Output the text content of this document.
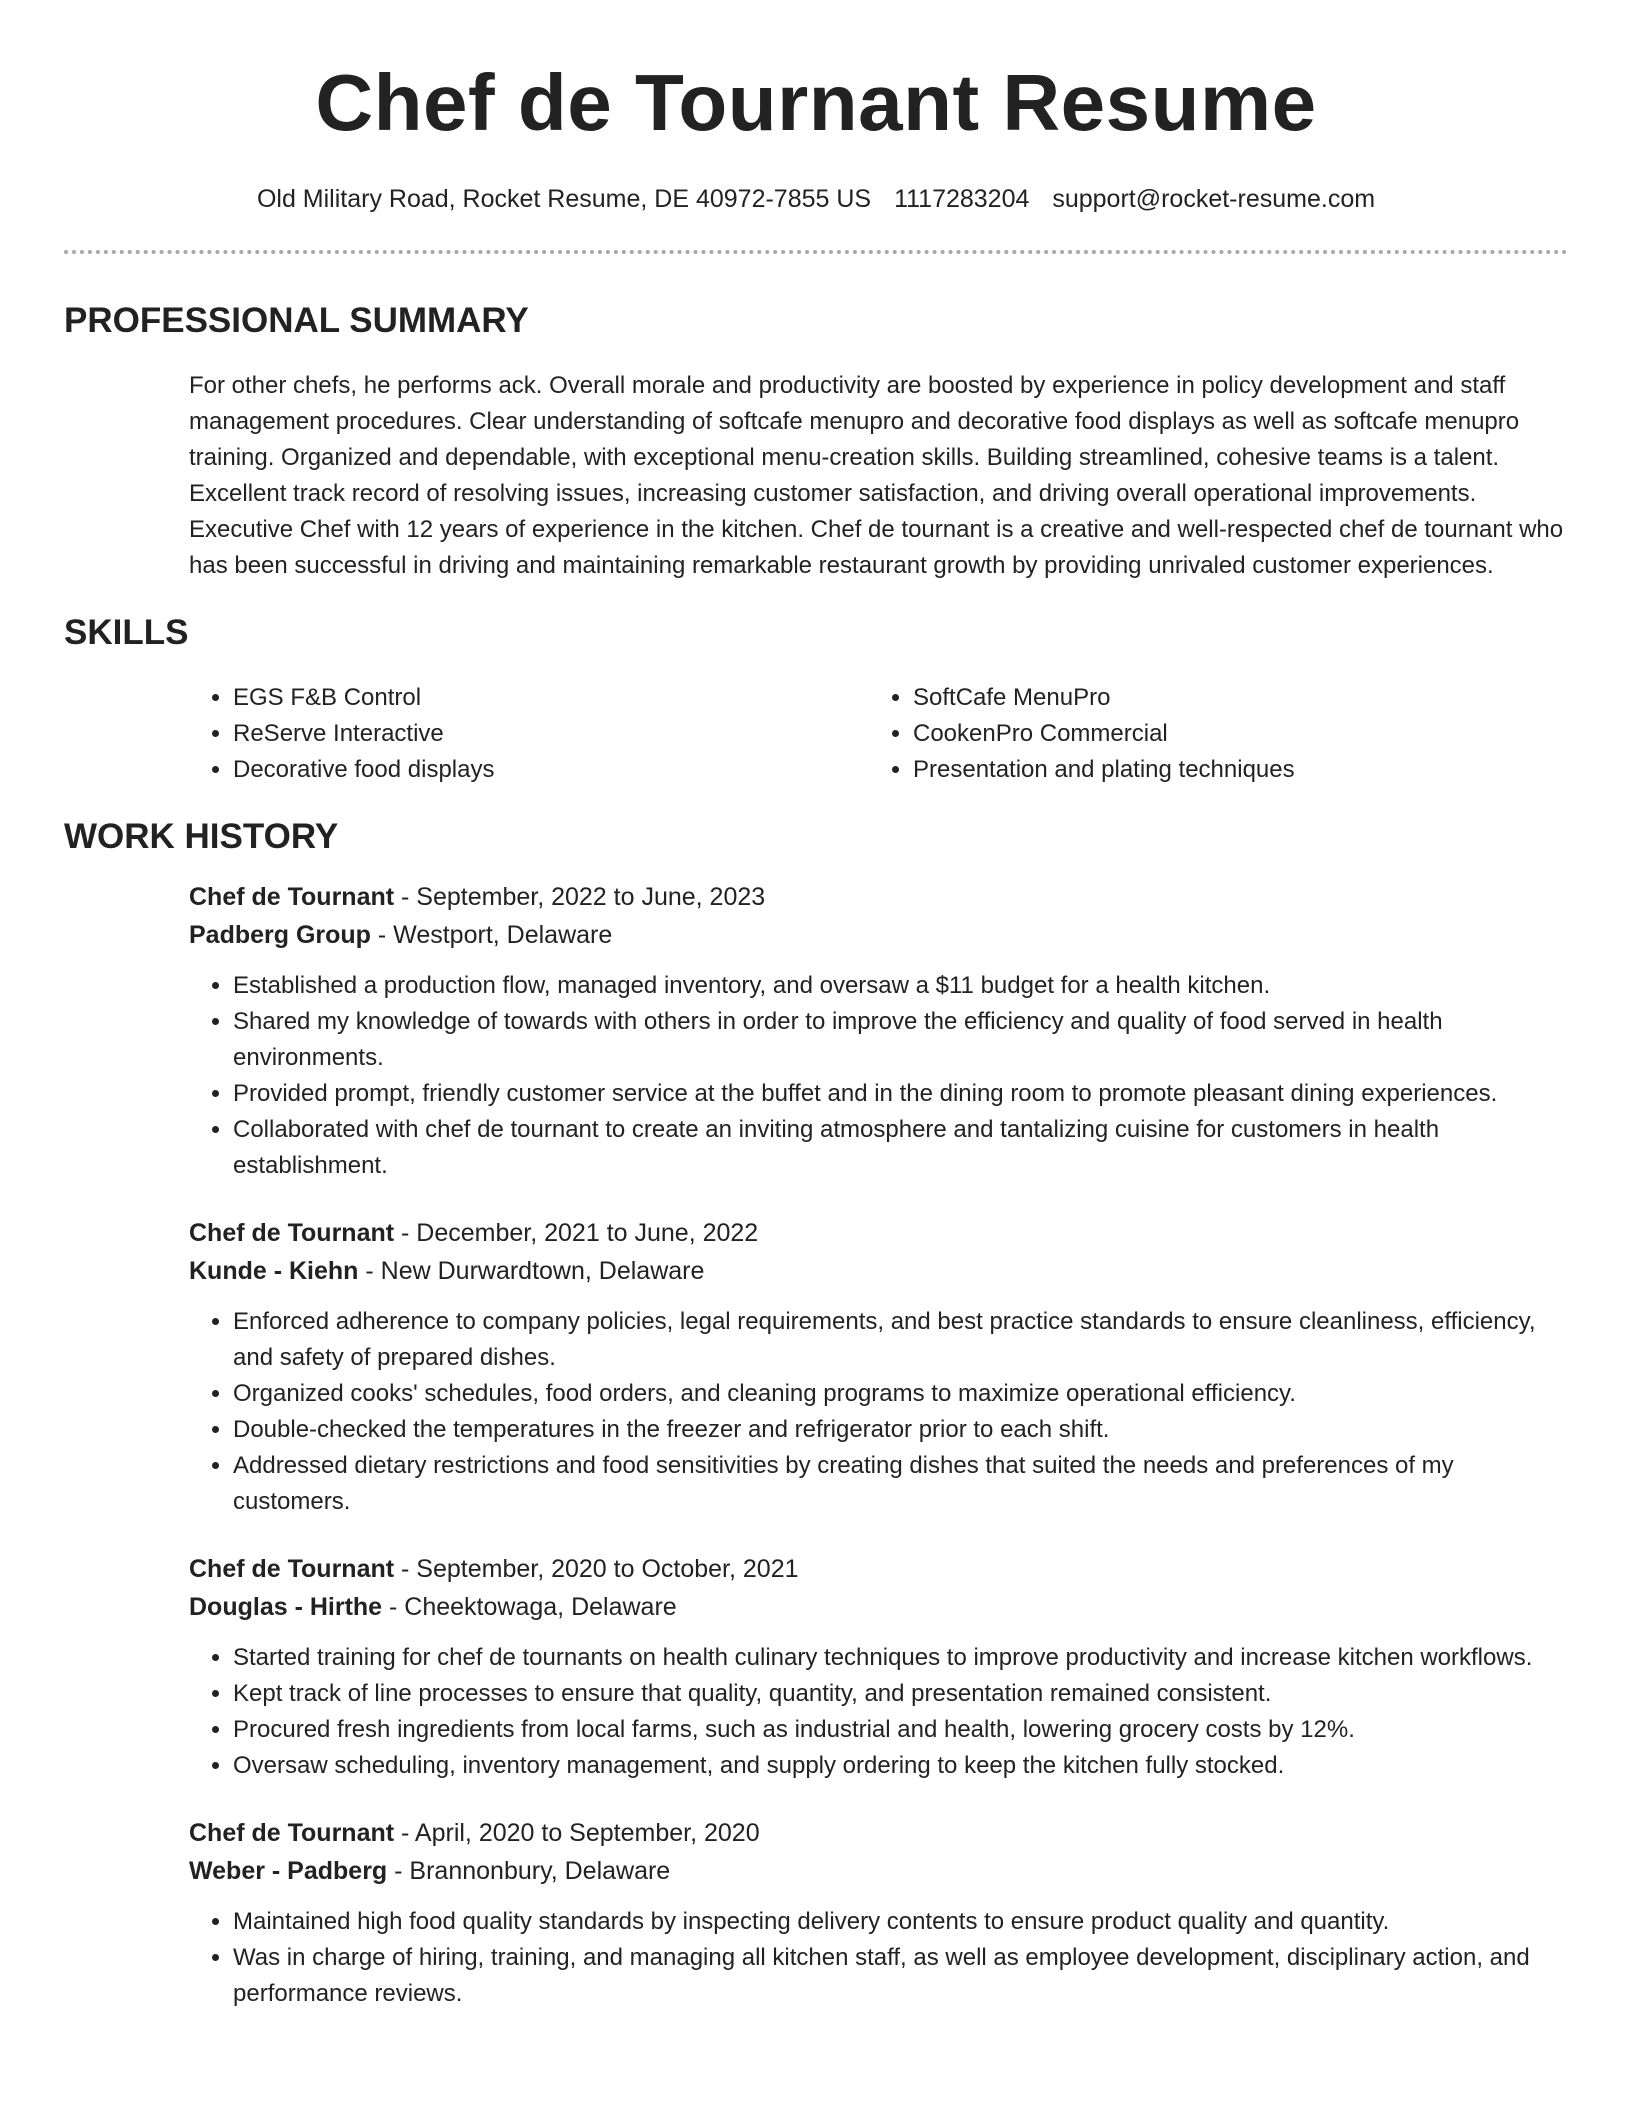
Chef de Tournant Resume
Old Military Road, Rocket Resume, DE 40972-7855 US 1117283204 support@rocket-resume.com
PROFESSIONAL SUMMARY

For other chefs, he performs ack. Overall morale and productivity are boosted by experience in policy development and staff management procedures. Clear understanding of softcafe menupro and decorative food displays as well as softcafe menupro training. Organized and dependable, with exceptional menu-creation skills. Building streamlined, cohesive teams is a talent. Excellent track record of resolving issues, increasing customer satisfaction, and driving overall operational improvements. Executive Chef with 12 years of experience in the kitchen. Chef de tournant is a creative and well-respected chef de tournant who has been successful in driving and maintaining remarkable restaurant growth by providing unrivaled customer experiences.

SKILLS
• EGS F&B Control
• ReServe Interactive
• Decorative food displays
• SoftCafe MenuPro
• CookenPro Commercial
• Presentation and plating techniques
WORK HISTORY
Chef de Tournant - September, 2022 to June, 2023
Padberg Group - Westport, Delaware
• Established a production flow, managed inventory, and oversaw a $11 budget for a health kitchen.
• Shared my knowledge of towards with others in order to improve the efficiency and quality of food served in health environments.
• Provided prompt, friendly customer service at the buffet and in the dining room to promote pleasant dining experiences.
• Collaborated with chef de tournant to create an inviting atmosphere and tantalizing cuisine for customers in health establishment.
Chef de Tournant - December, 2021 to June, 2022
Kunde - Kiehn - New Durwardtown, Delaware
• Enforced adherence to company policies, legal requirements, and best practice standards to ensure cleanliness, efficiency, and safety of prepared dishes.
• Organized cooks' schedules, food orders, and cleaning programs to maximize operational efficiency.
• Double-checked the temperatures in the freezer and refrigerator prior to each shift.
• Addressed dietary restrictions and food sensitivities by creating dishes that suited the needs and preferences of my customers.
Chef de Tournant - September, 2020 to October, 2021
Douglas - Hirthe - Cheektowaga, Delaware
• Started training for chef de tournants on health culinary techniques to improve productivity and increase kitchen workflows.
• Kept track of line processes to ensure that quality, quantity, and presentation remained consistent.
• Procured fresh ingredients from local farms, such as industrial and health, lowering grocery costs by 12%.
• Oversaw scheduling, inventory management, and supply ordering to keep the kitchen fully stocked.
Chef de Tournant - April, 2020 to September, 2020
Weber - Padberg - Brannonbury, Delaware
• Maintained high food quality standards by inspecting delivery contents to ensure product quality and quantity.
• Was in charge of hiring, training, and managing all kitchen staff, as well as employee development, disciplinary action, and performance reviews.
